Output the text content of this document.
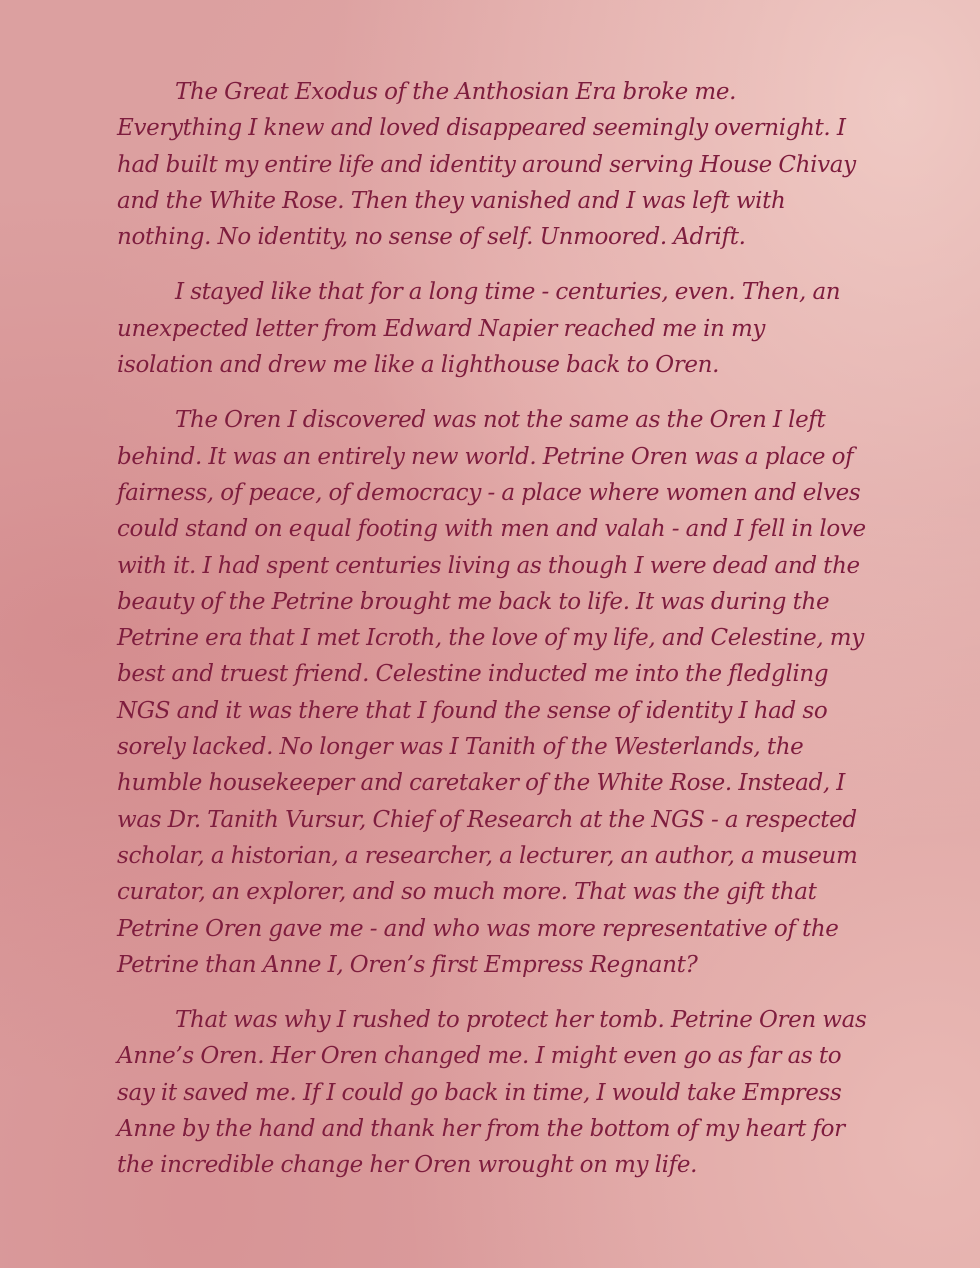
The Great Exodus of the Anthosian Era broke me. Everything I knew and loved disappeared seemingly overnight. I had built my entire life and identity around serving House Chivay and the White Rose. Then they vanished and I was left with nothing. No identity, no sense of self. Unmoored. Adrift.

I stayed like that for a long time - centuries, even. Then, an unexpected letter from Edward Napier reached me in my isolation and drew me like a lighthouse back to Oren.

The Oren I discovered was not the same as the Oren I left behind. It was an entirely new world. Petrine Oren was a place of fairness, of peace, of democracy - a place where women and elves could stand on equal footing with men and valah - and I fell in love with it. I had spent centuries living as though I were dead and the beauty of the Petrine brought me back to life. It was during the Petrine era that I met Icroth, the love of my life, and Celestine, my best and truest friend. Celestine inducted me into the fledgling NGS and it was there that I found the sense of identity I had so sorely lacked. No longer was I Tanith of the Westerlands, the humble housekeeper and caretaker of the White Rose. Instead, I was Dr. Tanith Vursur, Chief of Research at the NGS - a respected scholar, a historian, a researcher, a lecturer, an author, a museum curator, an explorer, and so much more. That was the gift that Petrine Oren gave me - and who was more representative of the Petrine than Anne I, Oren’s first Empress Regnant?

That was why I rushed to protect her tomb. Petrine Oren was Anne’s Oren. Her Oren changed me. I might even go as far as to say it saved me. If I could go back in time, I would take Empress Anne by the hand and thank her from the bottom of my heart for the incredible change her Oren wrought on my life.
